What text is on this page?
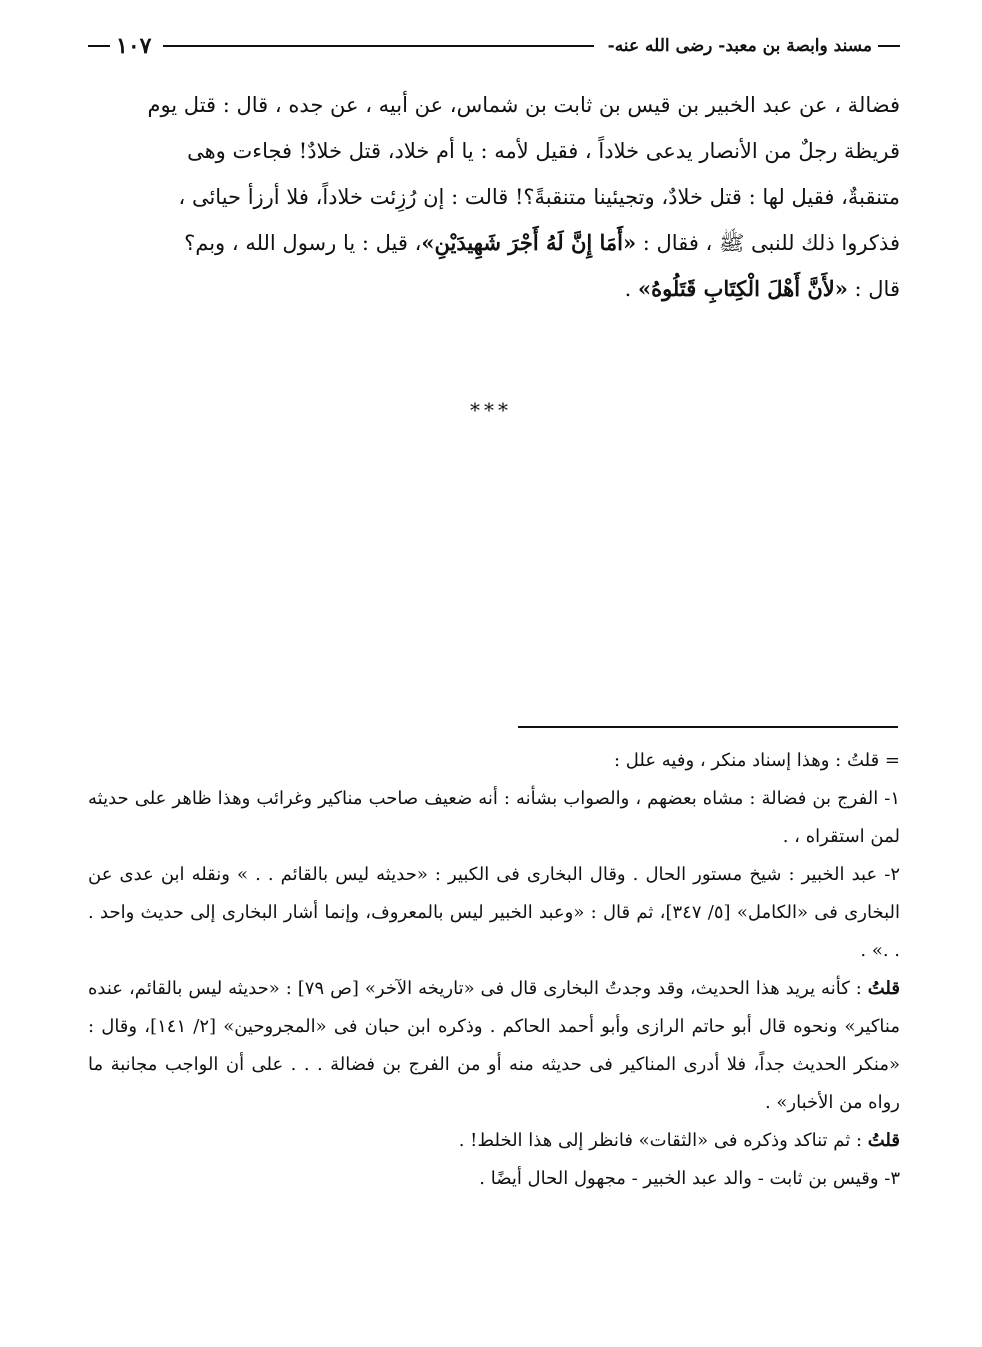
مسند وابصة بن معبد- رضى الله عنه-
١٠٧

فضالة ، عن عبد الخبير بن قيس بن ثابت بن شماس، عن أبيه ، عن جده ، قال : قتل يوم

قريظة رجلٌ من الأنصار يدعى خلاداً ، فقيل لأمه : يا أم خلاد، قتل خلادٌ! فجاءت وهى

متنقبةٌ، فقيل لها : قتل خلادٌ، وتجيئينا متنقبةً؟! قالت : إن رُزِئت خلاداً، فلا أرزأ حيائى ،

فذكروا ذلك للنبى ﷺ ، فقال : «أَمَا إِنَّ لَهُ أَجْرَ شَهِيدَيْنِ»، قيل : يا رسول الله ، وبم؟

قال : «لأَنَّ أَهْلَ الْكِتَابِ قَتَلُوهُ» .

***

= قلتُ : وهذا إسناد منكر ، وفيه علل :

١- الفرج بن فضالة : مشاه بعضهم ، والصواب بشأنه : أنه ضعيف صاحب مناكير وغرائب وهذا ظاهر على حديثه لمن استقراه ، .

٢- عبد الخبير : شيخ مستور الحال . وقال البخارى فى الكبير : «حديثه ليس بالقائم . . » ونقله ابن عدى عن البخارى فى «الكامل» [٥/ ٣٤٧]، ثم قال : «وعبد الخبير ليس بالمعروف، وإنما أشار البخارى إلى حديث واحد . . .» .

قلتُ : كأنه يريد هذا الحديث، وقد وجدتُ البخارى قال فى «تاريخه الآخر» [ص ٧٩] : «حديثه ليس بالقائم، عنده مناكير» ونحوه قال أبو حاتم الرازى وأبو أحمد الحاكم . وذكره ابن حبان فى «المجروحين» [٢/ ١٤١]، وقال : «منكر الحديث جداً، فلا أدرى المناكير فى حديثه منه أو من الفرج بن فضالة . . . على أن الواجب مجانبة ما رواه من الأخبار» .

قلتُ : ثم تناكد وذكره فى «الثقات» فانظر إلى هذا الخلط! .

٣- وقيس بن ثابت - والد عبد الخبير - مجهول الحال أيضًا .
